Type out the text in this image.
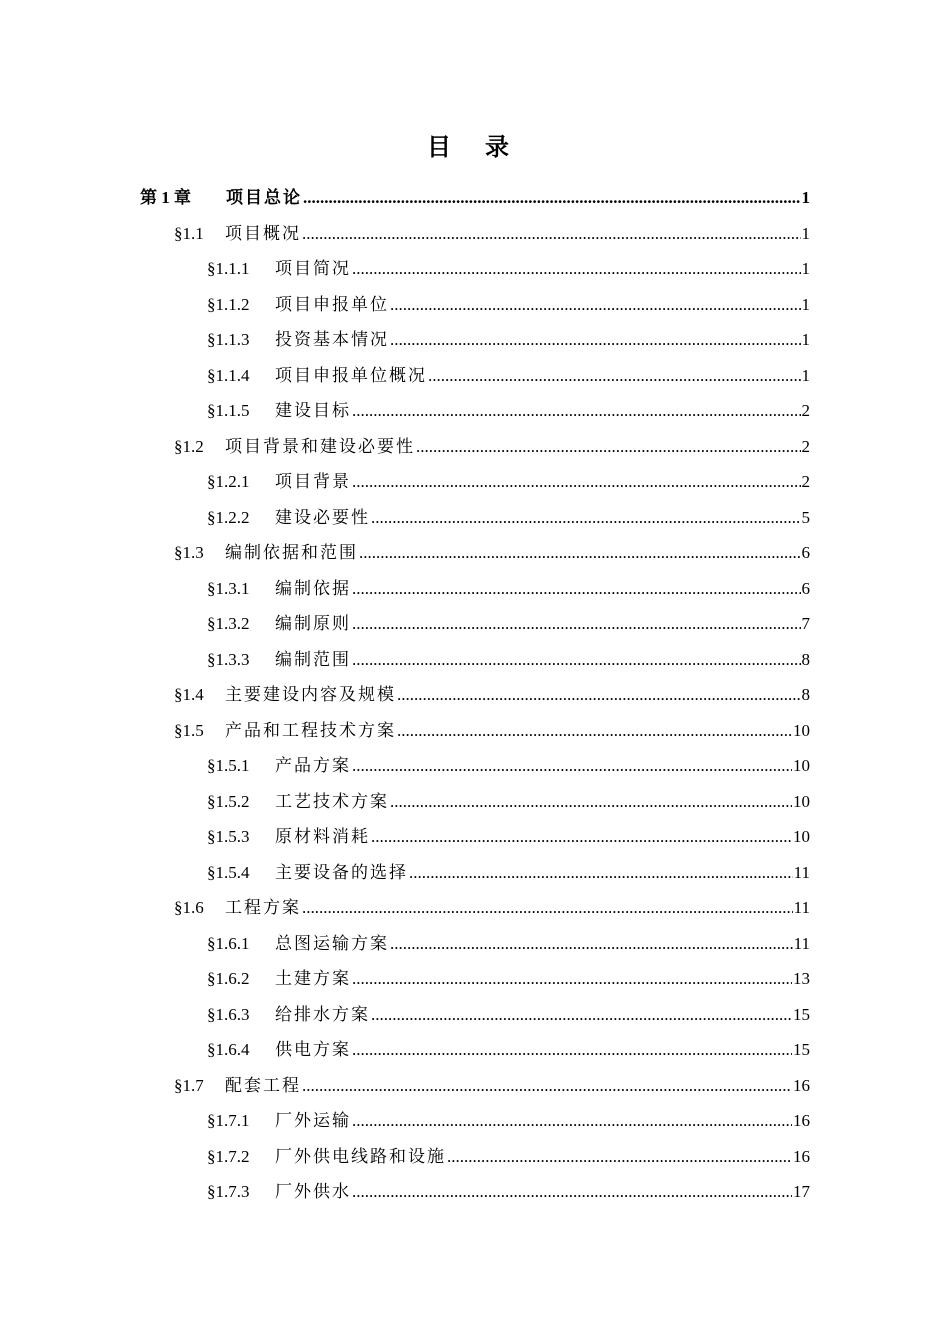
目 录
第 1 章	项目总论 .....	1
§1.1	项目概况 .....	1
§1.1.1	项目简况 .....	1
§1.1.2	项目申报单位 .....	1
§1.1.3	投资基本情况 .....	1
§1.1.4	项目申报单位概况 .....	1
§1.1.5	建设目标 .....	2
§1.2	项目背景和建设必要性 .....	2
§1.2.1	项目背景 .....	2
§1.2.2	建设必要性 .....	5
§1.3	编制依据和范围 .....	6
§1.3.1	编制依据 .....	6
§1.3.2	编制原则 .....	7
§1.3.3	编制范围 .....	8
§1.4	主要建设内容及规模 .....	8
§1.5	产品和工程技术方案 .....	10
§1.5.1	产品方案 .....	10
§1.5.2	工艺技术方案 .....	10
§1.5.3	原材料消耗 .....	10
§1.5.4	主要设备的选择 .....	11
§1.6	工程方案 .....	11
§1.6.1	总图运输方案 .....	11
§1.6.2	土建方案 .....	13
§1.6.3	给排水方案 .....	15
§1.6.4	供电方案 .....	15
§1.7	配套工程 .....	16
§1.7.1	厂外运输 .....	16
§1.7.2	厂外供电线路和设施 .....	16
§1.7.3	厂外供水 .....	17
